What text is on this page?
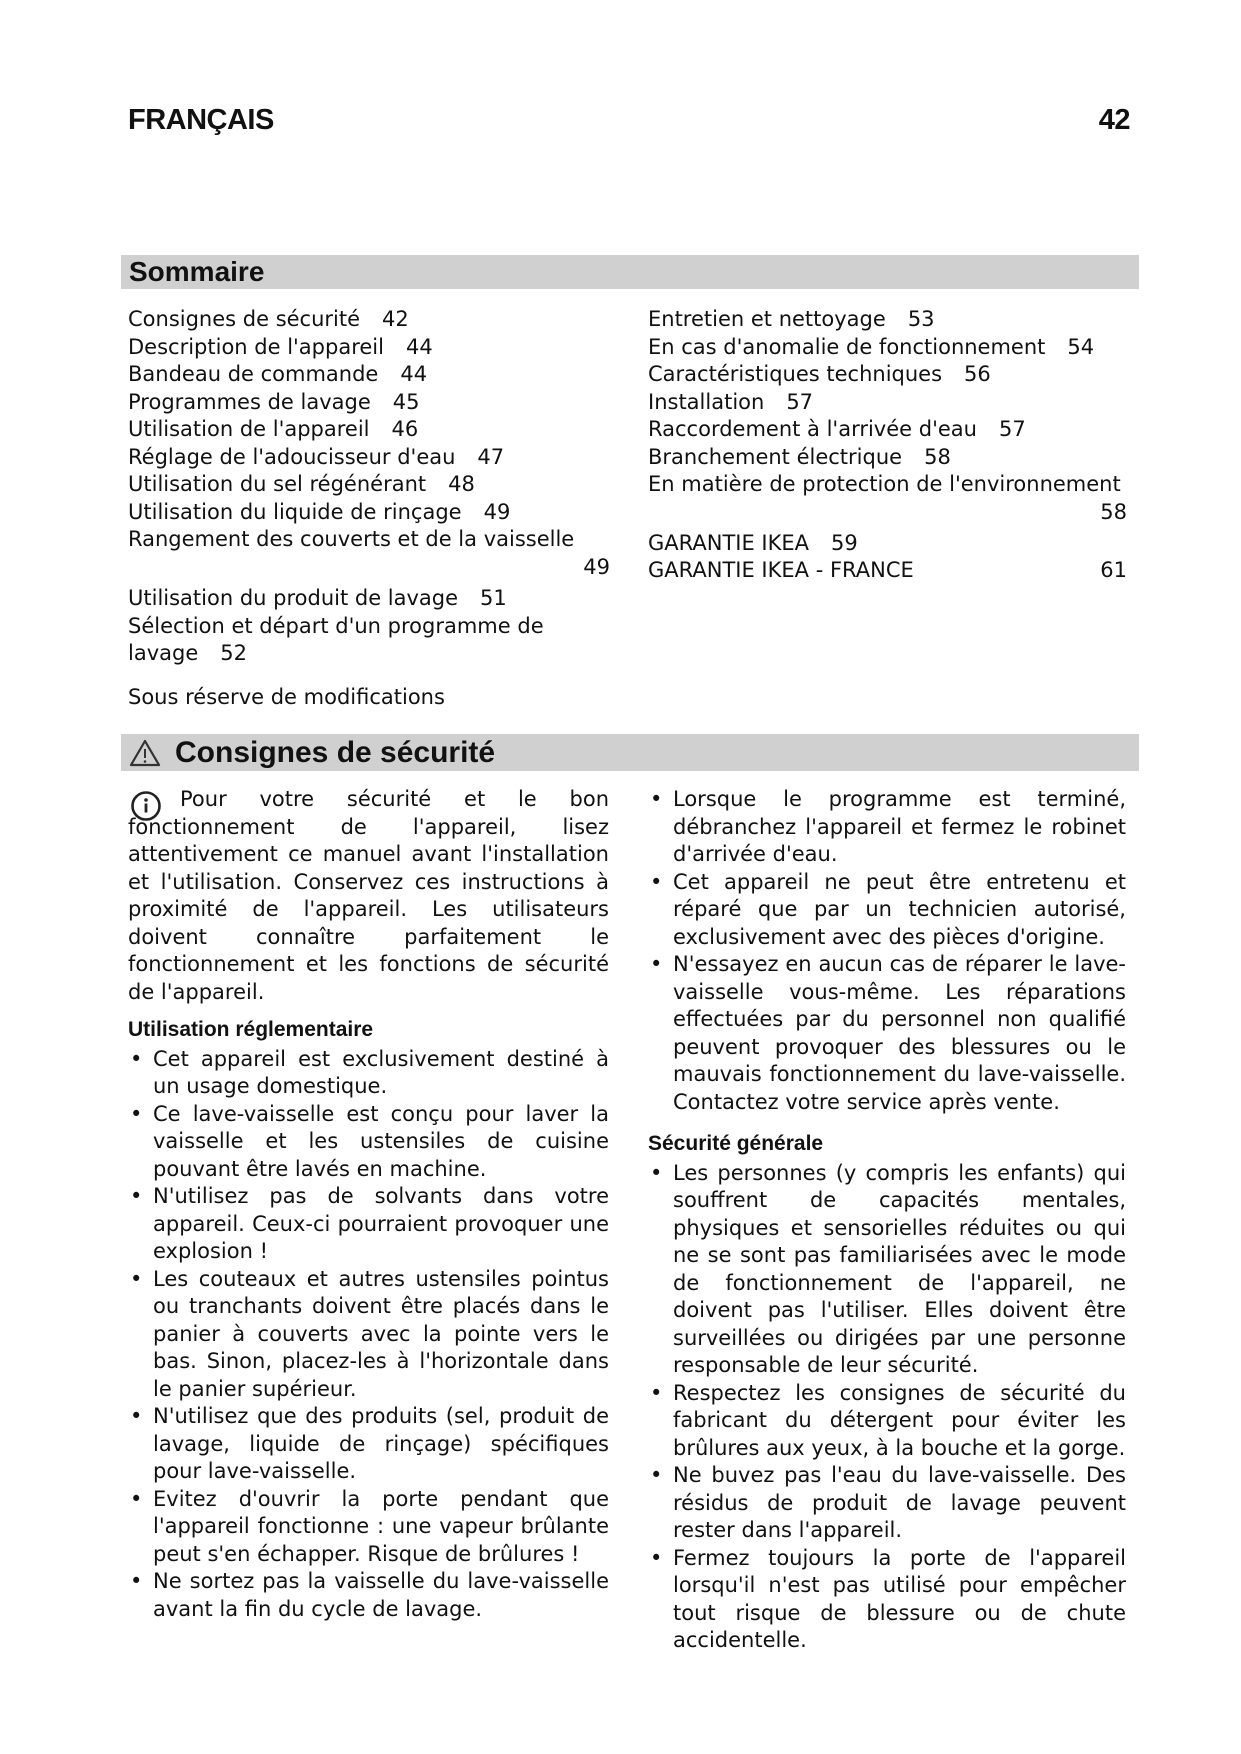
FRANÇAIS	42
Sommaire
Consignes de sécurité 42
Description de l'appareil 44
Bandeau de commande 44
Programmes de lavage 45
Utilisation de l'appareil 46
Réglage de l'adoucisseur d'eau 47
Utilisation du sel régénérant 48
Utilisation du liquide de rinçage 49
Rangement des couverts et de la vaisselle
49
Utilisation du produit de lavage 51
Sélection et départ d'un programme de lavage 52
Sous réserve de modifications
Entretien et nettoyage 53
En cas d'anomalie de fonctionnement 54
Caractéristiques techniques 56
Installation 57
Raccordement à l'arrivée d'eau 57
Branchement électrique 58
En matière de protection de l'environnement
58
GARANTIE IKEA 59
GARANTIE IKEA - FRANCE	61
Consignes de sécurité

Pour votre sécurité et le bon fonctionnement de l'appareil, lisez attentivement ce manuel avant l'installation et l'utilisation. Conservez ces instructions à proximité de l'appareil. Les utilisateurs doivent connaître parfaitement le fonctionnement et les fonctions de sécurité de l'appareil.

Utilisation réglementaire
• Cet appareil est exclusivement destiné à un usage domestique.
• Ce lave-vaisselle est conçu pour laver la vaisselle et les ustensiles de cuisine pouvant être lavés en machine.
• N'utilisez pas de solvants dans votre appareil. Ceux-ci pourraient provoquer une explosion !
• Les couteaux et autres ustensiles pointus ou tranchants doivent être placés dans le panier à couverts avec la pointe vers le bas. Sinon, placez-les à l'horizontale dans le panier supérieur.
• N'utilisez que des produits (sel, produit de lavage, liquide de rinçage) spécifiques pour lave-vaisselle.
• Evitez d'ouvrir la porte pendant que l'appareil fonctionne : une vapeur brûlante peut s'en échapper. Risque de brûlures !
• Ne sortez pas la vaisselle du lave-vaisselle avant la fin du cycle de lavage.
• Lorsque le programme est terminé, débranchez l'appareil et fermez le robinet d'arrivée d'eau.
• Cet appareil ne peut être entretenu et réparé que par un technicien autorisé, exclusivement avec des pièces d'origine.
• N'essayez en aucun cas de réparer le lave-vaisselle vous-même. Les réparations effectuées par du personnel non qualifié peuvent provoquer des blessures ou le mauvais fonctionnement du lave-vaisselle. Contactez votre service après vente.
Sécurité générale
• Les personnes (y compris les enfants) qui souffrent de capacités mentales, physiques et sensorielles réduites ou qui ne se sont pas familiarisées avec le mode de fonctionnement de l'appareil, ne doivent pas l'utiliser. Elles doivent être surveillées ou dirigées par une personne responsable de leur sécurité.
• Respectez les consignes de sécurité du fabricant du détergent pour éviter les brûlures aux yeux, à la bouche et la gorge.
• Ne buvez pas l'eau du lave-vaisselle. Des résidus de produit de lavage peuvent rester dans l'appareil.
• Fermez toujours la porte de l'appareil lorsqu'il n'est pas utilisé pour empêcher tout risque de blessure ou de chute accidentelle.
